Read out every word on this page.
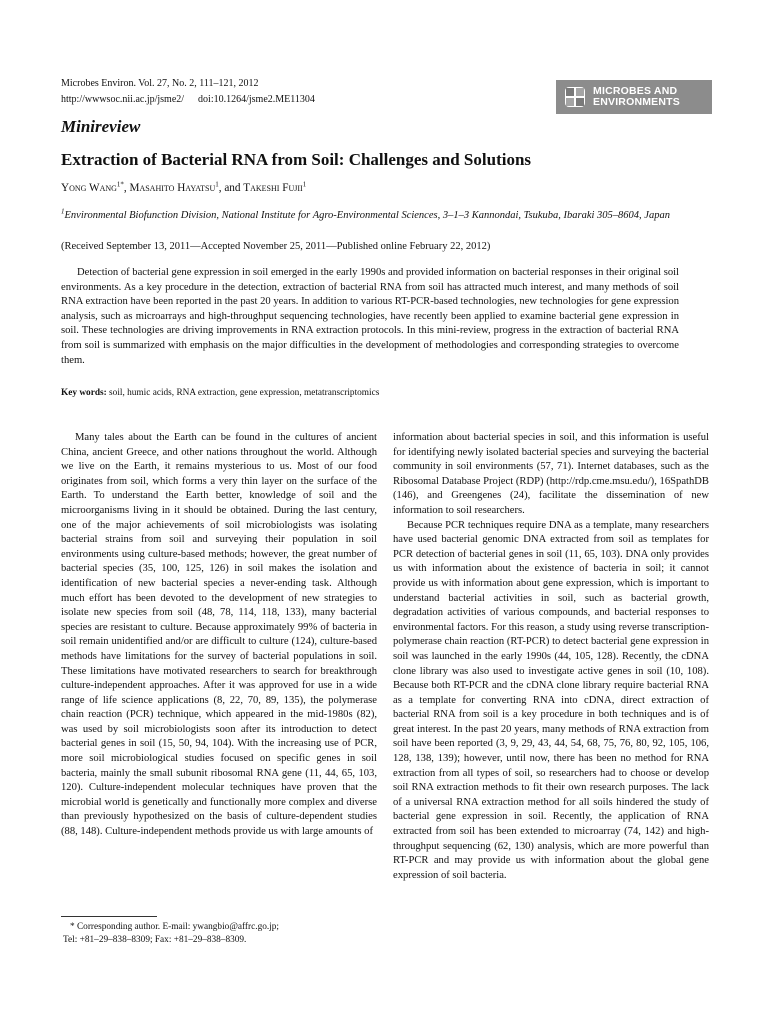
Microbes Environ. Vol. 27, No. 2, 111–121, 2012
http://wwwsoc.nii.ac.jp/jsme2/ doi:10.1264/jsme2.ME11304
MICROBES AND
ENVIRONMENTS
Minireview
Extraction of Bacterial RNA from Soil: Challenges and Solutions
Yong Wang$^{1*}$, Masahito Hayatsu$^1$, and Takeshi Fujii$^1$
$^1$Environmental Biofunction Division, National Institute for Agro-Environmental Sciences, 3–1–3 Kannondai, Tsukuba, Ibaraki 305–8604, Japan
(Received September 13, 2011—Accepted November 25, 2011—Published online February 22, 2012)

Detection of bacterial gene expression in soil emerged in the early 1990s and provided information on bacterial responses in their original soil environments. As a key procedure in the detection, extraction of bacterial RNA from soil has attracted much interest, and many methods of soil RNA extraction have been reported in the past 20 years. In addition to various RT-PCR-based technologies, new technologies for gene expression analysis, such as microarrays and high-throughput sequencing technologies, have recently been applied to examine bacterial gene expression in soil. These technologies are driving improvements in RNA extraction protocols. In this mini-review, progress in the extraction of bacterial RNA from soil is summarized with emphasis on the major difficulties in the development of methodologies and corresponding strategies to overcome them.

Key words: soil, humic acids, RNA extraction, gene expression, metatranscriptomics

Many tales about the Earth can be found in the cultures of ancient China, ancient Greece, and other nations throughout the world. Although we live on the Earth, it remains mysterious to us. Most of our food originates from soil, which forms a very thin layer on the surface of the Earth. To understand the Earth better, knowledge of soil and the microorganisms living in it should be obtained. During the last century, one of the major achievements of soil microbiologists was isolating bacterial strains from soil and surveying their population in soil environments using culture-based methods; however, the great number of bacterial species (35, 100, 125, 126) in soil makes the isolation and identification of new bacterial species a never-ending task. Although much effort has been devoted to the development of new strategies to isolate new species from soil (48, 78, 114, 118, 133), many bacterial species are resistant to culture. Because approximately 99% of bacteria in soil remain unidentified and/or are difficult to culture (124), culture-based methods have limitations for the survey of bacterial populations in soil. These limitations have motivated researchers to search for breakthrough culture-independent approaches. After it was approved for use in a wide range of life science applications (8, 22, 70, 89, 135), the polymerase chain reaction (PCR) technique, which appeared in the mid-1980s (82), was used by soil microbiologists soon after its introduction to detect bacterial genes in soil (15, 50, 94, 104). With the increasing use of PCR, more soil microbiological studies focused on specific genes in soil bacteria, mainly the small subunit ribosomal RNA gene (11, 44, 65, 103, 120). Culture-independent molecular techniques have proven that the microbial world is genetically and functionally more complex and diverse than previously hypothesized on the basis of culture-dependent studies (88, 148). Culture-independent methods provide us with large amounts of

information about bacterial species in soil, and this information is useful for identifying newly isolated bacterial species and surveying the bacterial community in soil environments (57, 71). Internet databases, such as the Ribosomal Database Project (RDP) (http://rdp.cme.msu.edu/), 16SpathDB (146), and Greengenes (24), facilitate the dissemination of new information to soil researchers.

Because PCR techniques require DNA as a template, many researchers have used bacterial genomic DNA extracted from soil as templates for PCR detection of bacterial genes in soil (11, 65, 103). DNA only provides us with information about the existence of bacteria in soil; it cannot provide us with information about gene expression, which is important to understand bacterial activities in soil, such as bacterial growth, degradation activities of various compounds, and bacterial responses to environmental factors. For this reason, a study using reverse transcription-polymerase chain reaction (RT-PCR) to detect bacterial gene expression in soil was launched in the early 1990s (44, 105, 128). Recently, the cDNA clone library was also used to investigate active genes in soil (10, 108). Because both RT-PCR and the cDNA clone library require bacterial RNA as a template for converting RNA into cDNA, direct extraction of bacterial RNA from soil is a key procedure in both techniques and is of great interest. In the past 20 years, many methods of RNA extraction from soil have been reported (3, 9, 29, 43, 44, 54, 68, 75, 76, 80, 92, 105, 106, 128, 138, 139); however, until now, there has been no method for RNA extraction from all types of soil, so researchers had to choose or develop soil RNA extraction methods to fit their own research purposes. The lack of a universal RNA extraction method for all soils hindered the study of bacterial gene expression in soil. Recently, the application of RNA extracted from soil has been extended to microarray (74, 142) and high-throughput sequencing (62, 130) analysis, which are more powerful than RT-PCR and may provide us with information about the global gene expression of soil bacteria.

* Corresponding author. E-mail: ywangbio@affrc.go.jp;
Tel: +81–29–838–8309; Fax: +81–29–838–8309.
